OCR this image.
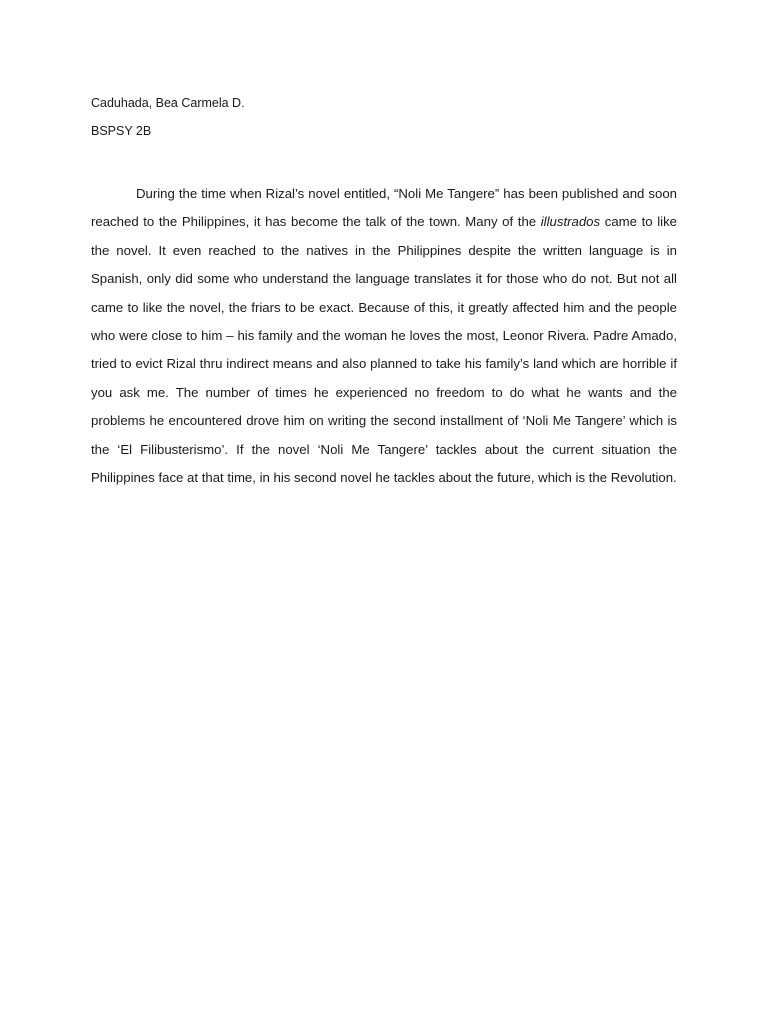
Caduhada, Bea Carmela D.
BSPSY 2B

During the time when Rizal’s novel entitled, “Noli Me Tangere” has been published and soon reached to the Philippines, it has become the talk of the town. Many of the illustrados came to like the novel. It even reached to the natives in the Philippines despite the written language is in Spanish, only did some who understand the language translates it for those who do not. But not all came to like the novel, the friars to be exact. Because of this, it greatly affected him and the people who were close to him – his family and the woman he loves the most, Leonor Rivera. Padre Amado, tried to evict Rizal thru indirect means and also planned to take his family’s land which are horrible if you ask me. The number of times he experienced no freedom to do what he wants and the problems he encountered drove him on writing the second installment of ‘Noli Me Tangere’ which is the ‘El Filibusterismo’. If the novel ‘Noli Me Tangere’ tackles about the current situation the Philippines face at that time, in his second novel he tackles about the future, which is the Revolution.
